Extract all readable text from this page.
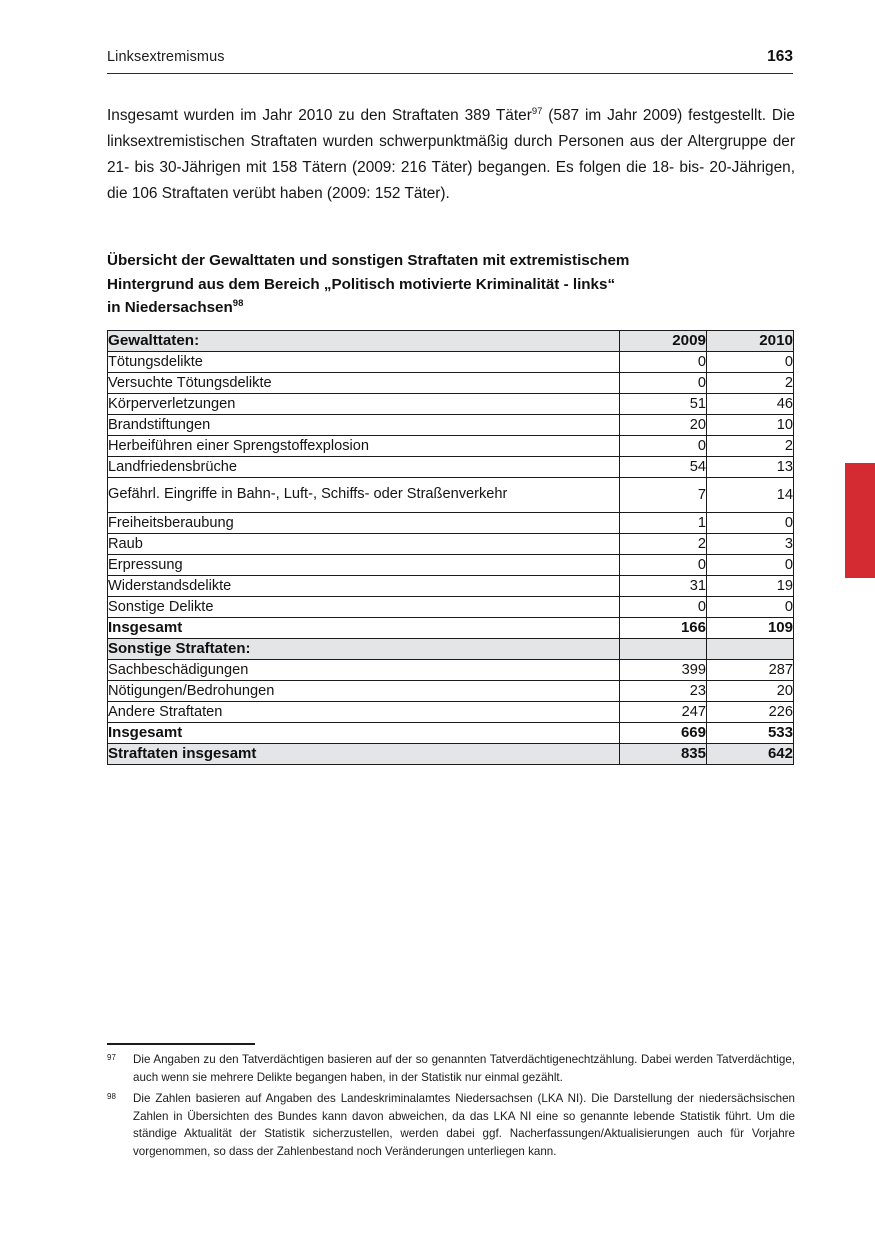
Linksextremismus	163

Insgesamt wurden im Jahr 2010 zu den Straftaten 389 Täter$^{97}$ (587 im Jahr 2009) festgestellt. Die linksextremistischen Straftaten wurden schwerpunktmäßig durch Personen aus der Altergruppe der 21- bis 30-Jährigen mit 158 Tätern (2009: 216 Täter) begangen. Es folgen die 18- bis- 20-Jährigen, die 106 Straftaten verübt haben (2009: 152 Täter).

Übersicht der Gewalttaten und sonstigen Straftaten mit extremistischem
Hintergrund aus dem Bereich „Politisch motivierte Kriminalität - links“
in Niedersachsen$^{98}$
Gewalttaten:	2009	2010
Tötungsdelikte	0	0
Versuchte Tötungsdelikte	0	2
Körperverletzungen	51	46
Brandstiftungen	20	10
Herbeiführen einer Sprengstoffexplosion	0	2
Landfriedensbrüche	54	13
Gefährl. Eingriffe in Bahn-, Luft-, Schiffs- oder Straßenverkehr	7	14
Freiheitsberaubung	1	0
Raub	2	3
Erpressung	0	0
Widerstandsdelikte	31	19
Sonstige Delikte	0	0
Insgesamt	166	109
Sonstige Straftaten:		
Sachbeschädigungen	399	287
Nötigungen/Bedrohungen	23	20
Andere Straftaten	247	226
Insgesamt	669	533
Straftaten insgesamt	835	642
97 Die Angaben zu den Tatverdächtigen basieren auf der so genannten Tatverdächtigenechtzählung. Dabei werden Tatverdächtige, auch wenn sie mehrere Delikte begangen haben, in der Statistik nur einmal gezählt.
98 Die Zahlen basieren auf Angaben des Landeskriminalamtes Niedersachsen (LKA NI). Die Darstellung der niedersächsischen Zahlen in Übersichten des Bundes kann davon abweichen, da das LKA NI eine so genannte lebende Statistik führt. Um die ständige Aktualität der Statistik sicherzustellen, werden dabei ggf. Nacherfassungen/Aktualisierungen auch für Vorjahre vorgenommen, so dass der Zahlenbestand noch Veränderungen unterliegen kann.
